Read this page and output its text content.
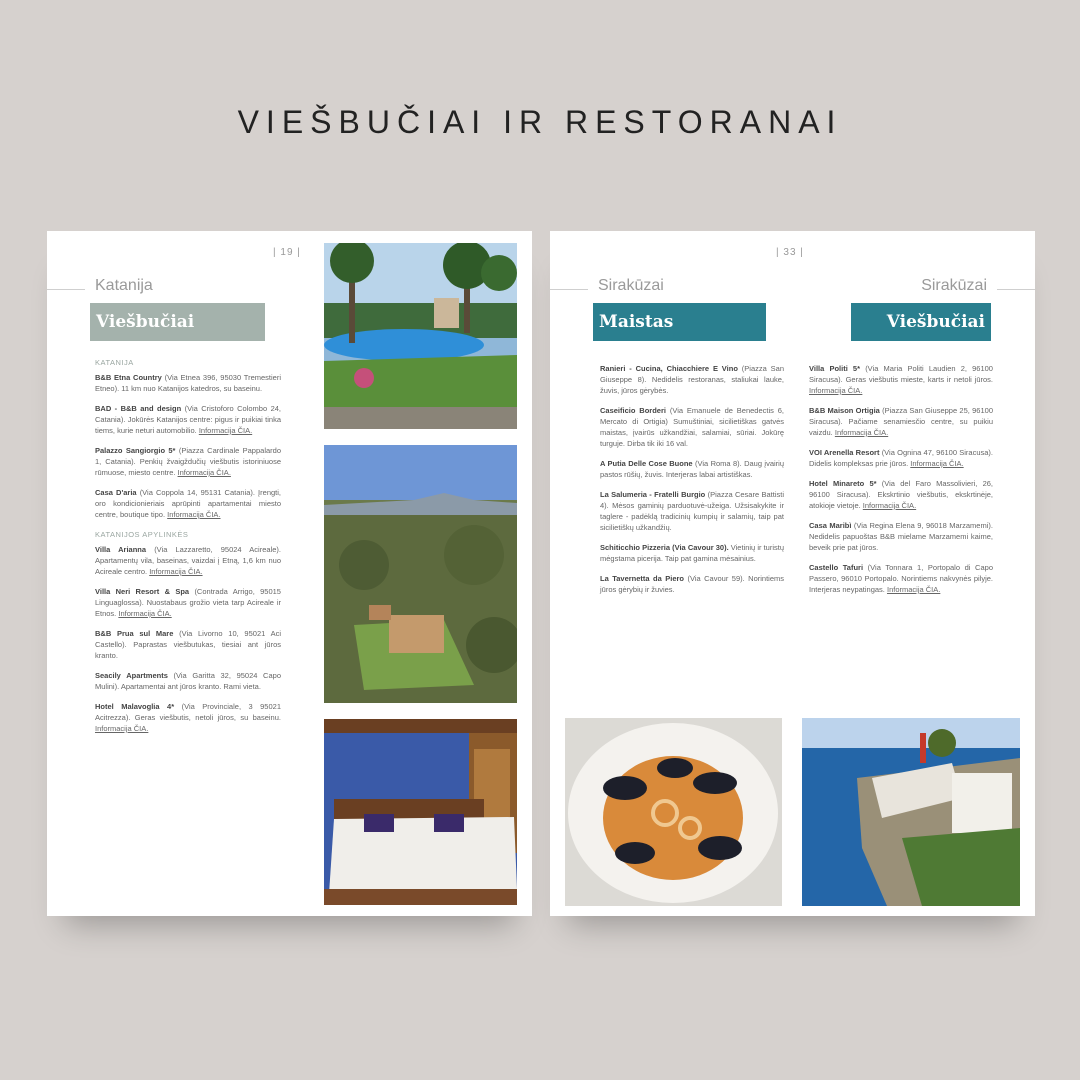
VIEŠBUČIAI IR RESTORANAI
| 19 |
Katanija
Viešbučiai
KATANIJA
B&B Etna Country (Via Etnea 396, 95030 Tremestieri Etneo). 11 km nuo Katanijos katedros, su baseinu.
BAD - B&B and design (Via Cristoforo Colombo 24, Catania). Jokūrės Katanijos centre: pigus ir puikiai tinka tiems, kurie neturi automobilio. Informacija ČIA.
Palazzo Sangiorgio 5* (Piazza Cardinale Pappalardo 1, Catania). Penkių žvaigždučių viešbutis istoriniuose rūmuose, miesto centre. Informacija ČIA.
Casa D'aria (Via Coppola 14, 95131 Catania). Įrengti, oro kondicionieriais aprūpinti apartamentai miesto centre, boutique tipo. Informacija ČIA.
KATANIJOS APYLINKĖS
Villa Arianna (Via Lazzaretto, 95024 Acireale). Apartamentų vila, baseinas, vaizdai į Etną, 1,6 km nuo Acireale centro. Informacija ČIA.
Villa Neri Resort & Spa (Contrada Arrigo, 95015 Linguaglossa). Nuostabaus grožio vieta tarp Acireale ir Etnos. Informacija ČIA.
B&B Prua sul Mare (Via Livorno 10, 95021 Aci Castello). Paprastas viešbutukas, tiesiai ant jūros kranto.
Seacily Apartments (Via Garitta 32, 95024 Capo Mulini). Apartamentai ant jūros kranto. Rami vieta.
Hotel Malavoglia 4* (Via Provinciale, 3 95021 Acitrezza). Geras viešbutis, netoli jūros, su baseinu. Informacija ČIA.
| 33 |
Sirakūzai	Sirakūzai
Maistas	Viešbučiai
Ranieri - Cucina, Chiacchiere E Vino (Piazza San Giuseppe 8). Nedidelis restoranas, staliukai lauke, žuvis, jūros gėrybės.
Caseificio Borderi (Via Emanuele de Benedectis 6, Mercato di Ortigia) Sumuštiniai, sicilietiškas gatvės maistas, įvairūs užkandžiai, salamiai, sūriai. Jokūrę turguje. Dirba tik iki 16 val.
A Putia Delle Cose Buone (Via Roma 8). Daug įvairių pastos rūšių, žuvis. Interjeras labai artistiškas.
La Salumeria - Fratelli Burgio (Piazza Cesare Battisti 4). Mėsos gaminių parduotuvė-užeiga. Užsisakykite ir taglere - padėklą tradicinių kumpių ir salamių, taip pat sicilietiškų užkandžių.
Schiticchio Pizzeria (Via Cavour 30). Vietinių ir turistų mėgstama picerija. Taip pat gamina mėsainius.
La Tavernetta da Piero (Via Cavour 59). Norintiems jūros gėrybių ir žuvies.
Villa Politi 5* (Via Maria Politi Laudien 2, 96100 Siracusa). Geras viešbutis mieste, karts ir netoli jūros. Informacija ČIA.
B&B Maison Ortigia (Piazza San Giuseppe 25, 96100 Siracusa). Pačiame senamiesčio centre, su puikiu vaizdu. Informacija ČIA.
VOI Arenella Resort (Via Ognina 47, 96100 Siracusa). Didelis kompleksas prie jūros. Informacija ČIA.
Hotel Minareto 5* (Via del Faro Massolivieri, 26, 96100 Siracusa). Ekskrtinio viešbutis, ekskrtinėje, atokioje vietoje. Informacija ČIA.
Casa Maribì (Via Regina Elena 9, 96018 Marzamemi). Nedidelis papuoštas B&B mielame Marzamemi kaime, beveik prie pat jūros.
Castello Tafuri (Via Tonnara 1, Portopalo di Capo Passero, 96010 Portopalo. Norintiems nakvynės pilyje. Interjeras neypatingas. Informacija ČIA.
